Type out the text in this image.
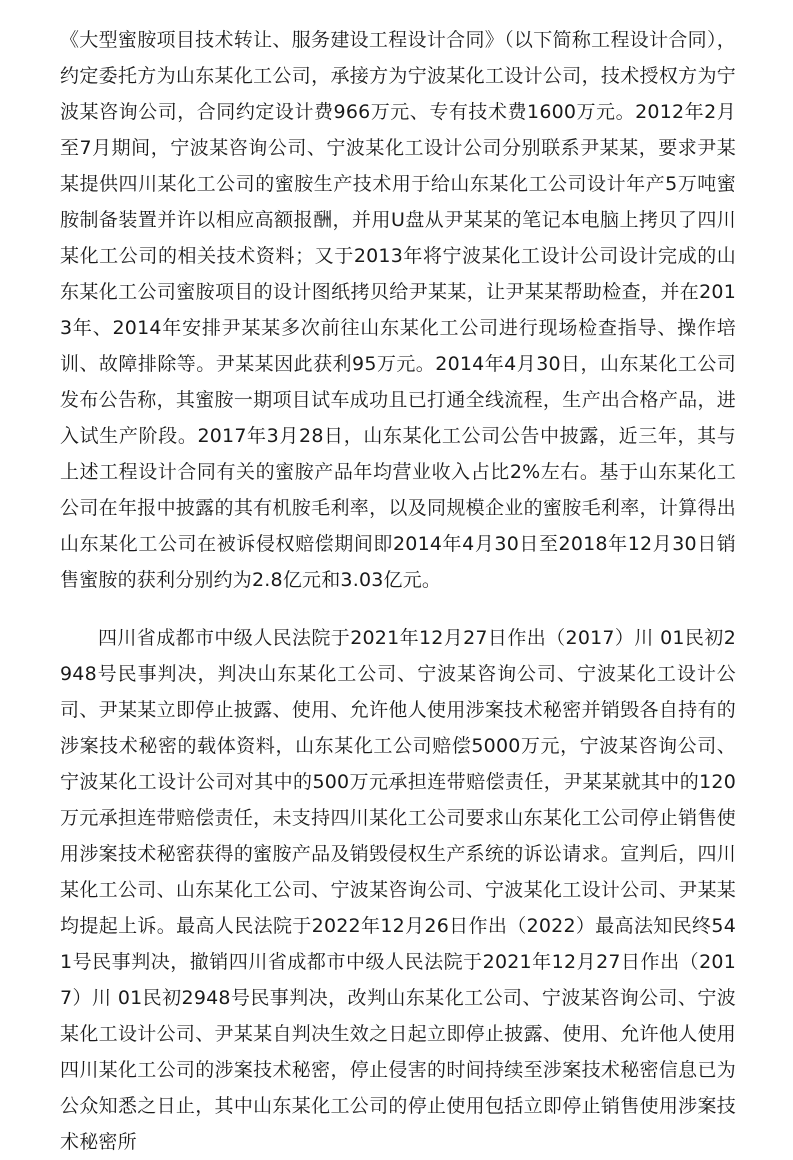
《大型蜜胺项目技术转让、服务建设工程设计合同》（以下简称工程设计合同），约定委托方为山东某化工公司，承接方为宁波某化工设计公司，技术授权方为宁波某咨询公司，合同约定设计费966万元、专有技术费1600万元。2012年2月至7月期间，宁波某咨询公司、宁波某化工设计公司分别联系尹某某，要求尹某某提供四川某化工公司的蜜胺生产技术用于给山东某化工公司设计年产5万吨蜜胺制备装置并许以相应高额报酬，并用U盘从尹某某的笔记本电脑上拷贝了四川某化工公司的相关技术资料；又于2013年将宁波某化工设计公司设计完成的山东某化工公司蜜胺项目的设计图纸拷贝给尹某某，让尹某某帮助检查，并在2013年、2014年安排尹某某多次前往山东某化工公司进行现场检查指导、操作培训、故障排除等。尹某某因此获利95万元。2014年4月30日，山东某化工公司发布公告称，其蜜胺一期项目试车成功且已打通全线流程，生产出合格产品，进入试生产阶段。2017年3月28日，山东某化工公司公告中披露，近三年，其与上述工程设计合同有关的蜜胺产品年均营业收入占比2%左右。基于山东某化工公司在年报中披露的其有机胺毛利率，以及同规模企业的蜜胺毛利率，计算得出山东某化工公司在被诉侵权赔偿期间即2014年4月30日至2018年12月30日销售蜜胺的获利分别约为2.8亿元和3.03亿元。

四川省成都市中级人民法院于2021年12月27日作出（2017）川 01民初2948号民事判决，判决山东某化工公司、宁波某咨询公司、宁波某化工设计公司、尹某某立即停止披露、使用、允许他人使用涉案技术秘密并销毁各自持有的涉案技术秘密的载体资料，山东某化工公司赔偿5000万元，宁波某咨询公司、宁波某化工设计公司对其中的500万元承担连带赔偿责任，尹某某就其中的120万元承担连带赔偿责任，未支持四川某化工公司要求山东某化工公司停止销售使用涉案技术秘密获得的蜜胺产品及销毁侵权生产系统的诉讼请求。宣判后，四川某化工公司、山东某化工公司、宁波某咨询公司、宁波某化工设计公司、尹某某均提起上诉。最高人民法院于2022年12月26日作出（2022）最高法知民终541号民事判决，撤销四川省成都市中级人民法院于2021年12月27日作出（2017）川 01民初2948号民事判决，改判山东某化工公司、宁波某咨询公司、宁波某化工设计公司、尹某某自判决生效之日起立即停止披露、使用、允许他人使用四川某化工公司的涉案技术秘密，停止侵害的时间持续至涉案技术秘密信息已为公众知悉之日止，其中山东某化工公司的停止使用包括立即停止销售使用涉案技术秘密所
